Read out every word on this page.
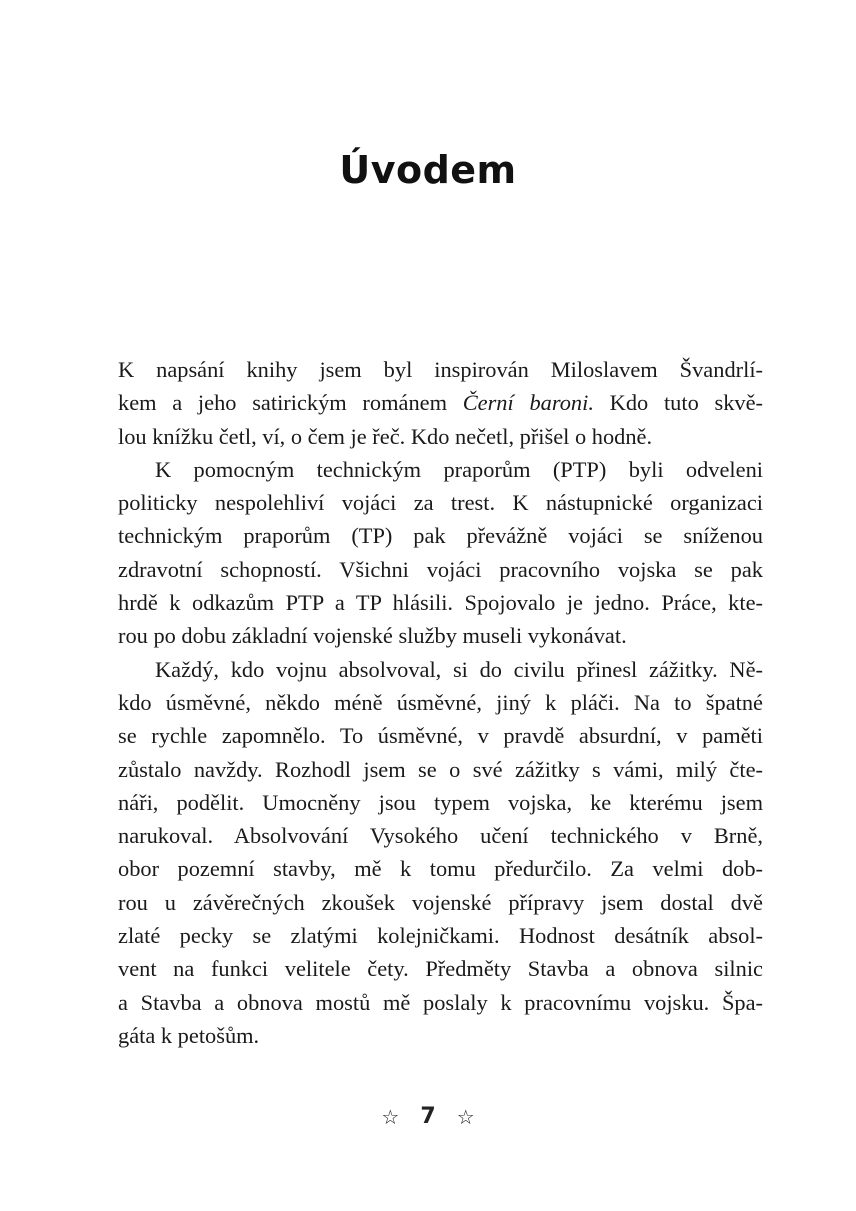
Úvodem
K napsání knihy jsem byl inspirován Miloslavem Švandrlí-
kem a jeho satirickým románem Černí baroni. Kdo tuto skvě-
lou knížku četl, ví, o čem je řeč. Kdo nečetl, přišel o hodně.
K pomocným technickým praporům (PTP) byli odveleni
politicky nespolehliví vojáci za trest. K nástupnické organizaci
technickým praporům (TP) pak převážně vojáci se sníženou
zdravotní schopností. Všichni vojáci pracovního vojska se pak
hrdě k odkazům PTP a TP hlásili. Spojovalo je jedno. Práce, kte-
rou po dobu základní vojenské služby museli vykonávat.
Každý, kdo vojnu absolvoval, si do civilu přinesl zážitky. Ně-
kdo úsměvné, někdo méně úsměvné, jiný k pláči. Na to špatné
se rychle zapomnělo. To úsměvné, v pravdě absurdní, v paměti
zůstalo navždy. Rozhodl jsem se o své zážitky s vámi, milý čte-
náři, podělit. Umocněny jsou typem vojska, ke kterému jsem
narukoval. Absolvování Vysokého učení technického v Brně,
obor pozemní stavby, mě k tomu předurčilo. Za velmi dob-
rou u závěrečných zkoušek vojenské přípravy jsem dostal dvě
zlaté pecky se zlatými kolejničkami. Hodnost desátník absol-
vent na funkci velitele čety. Předměty Stavba a obnova silnic
a Stavba a obnova mostů mě poslaly k pracovnímu vojsku. Špa-
gáta k petošům.
☆ 7 ☆
